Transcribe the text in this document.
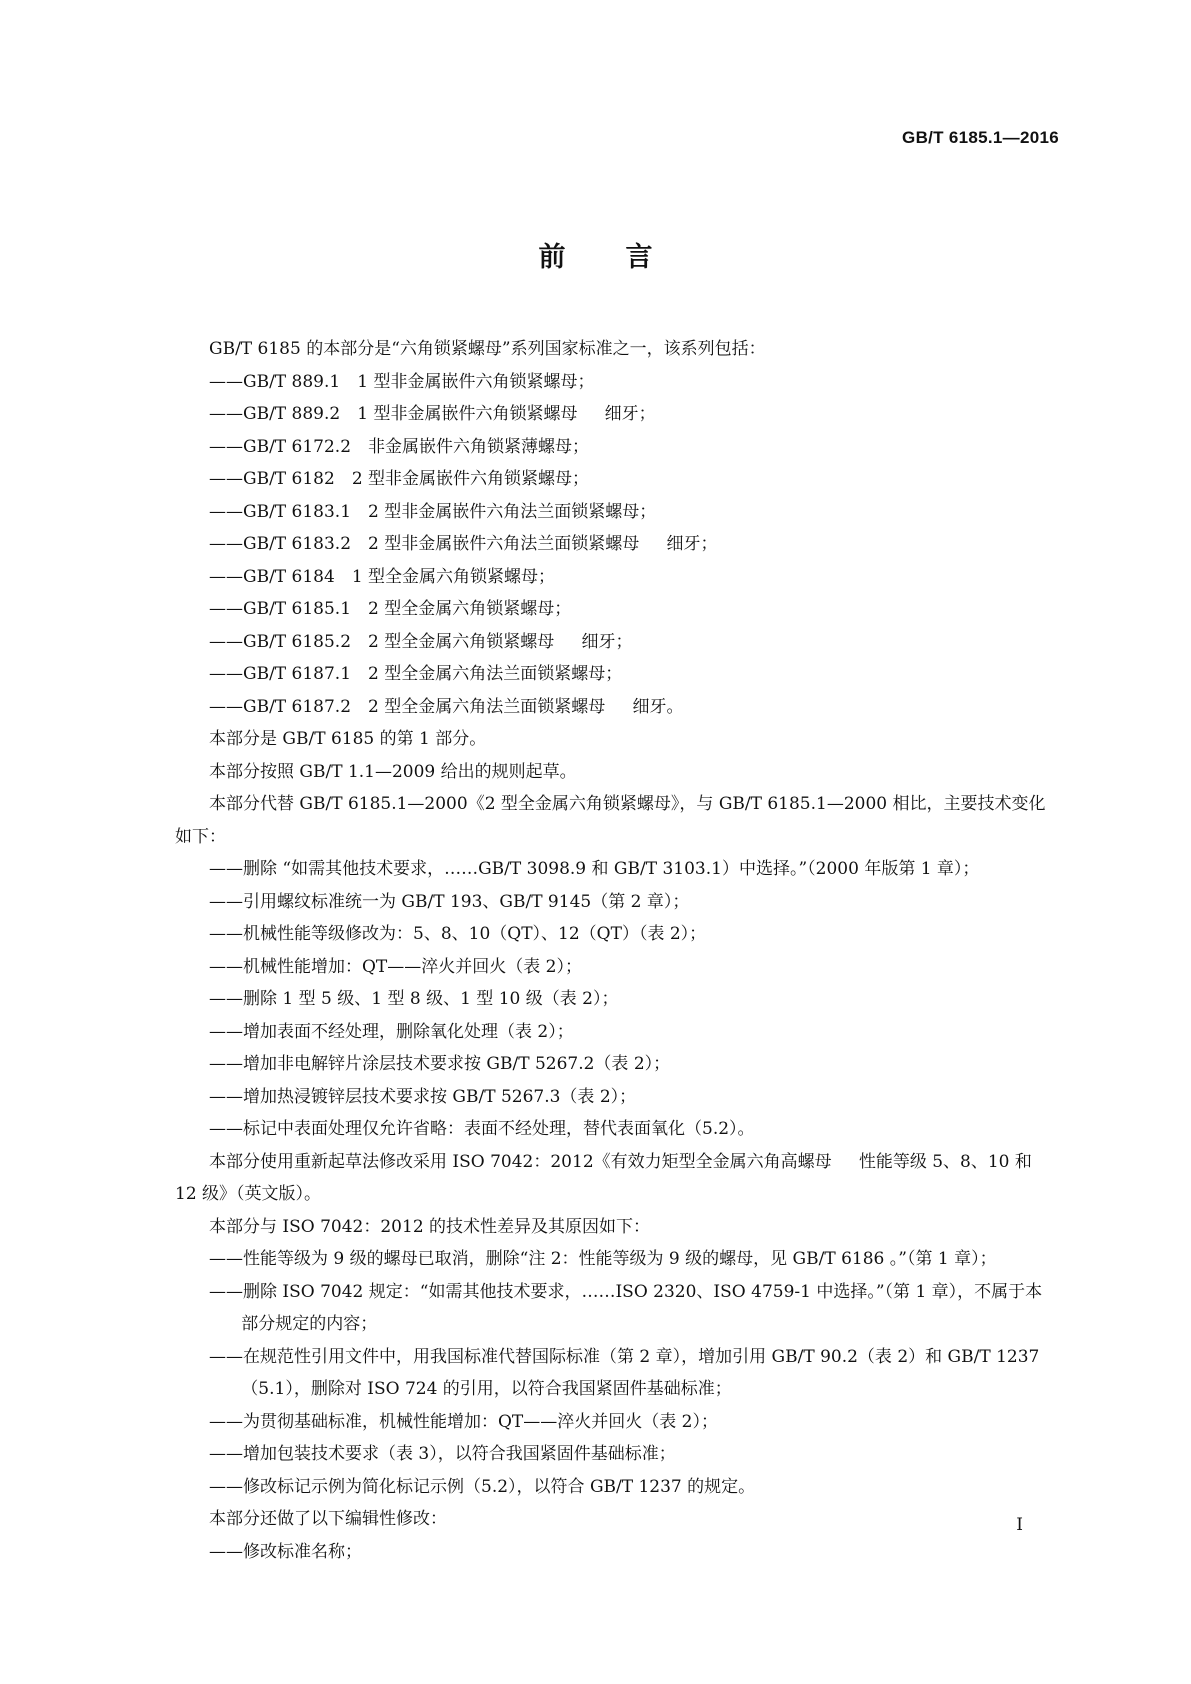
GB/T 6185.1—2016
前 言

GB/T 6185 的本部分是“六角锁紧螺母”系列国家标准之一，该系列包括：

——GB/T 889.1 1 型非金属嵌件六角锁紧螺母；
——GB/T 889.2 1 型非金属嵌件六角锁紧螺母 细牙；
——GB/T 6172.2 非金属嵌件六角锁紧薄螺母；
——GB/T 6182 2 型非金属嵌件六角锁紧螺母；
——GB/T 6183.1 2 型非金属嵌件六角法兰面锁紧螺母；
——GB/T 6183.2 2 型非金属嵌件六角法兰面锁紧螺母 细牙；
——GB/T 6184 1 型全金属六角锁紧螺母；
——GB/T 6185.1 2 型全金属六角锁紧螺母；
——GB/T 6185.2 2 型全金属六角锁紧螺母 细牙；
——GB/T 6187.1 2 型全金属六角法兰面锁紧螺母；
——GB/T 6187.2 2 型全金属六角法兰面锁紧螺母 细牙。

本部分是 GB/T 6185 的第 1 部分。

本部分按照 GB/T 1.1—2009 给出的规则起草。

本部分代替 GB/T 6185.1—2000《2 型全金属六角锁紧螺母》，与 GB/T 6185.1—2000 相比，主要技术变化如下：

——删除 “如需其他技术要求，……GB/T 3098.9 和 GB/T 3103.1）中选择。”（2000 年版第 1 章）；
——引用螺纹标准统一为 GB/T 193、GB/T 9145（第 2 章）；
——机械性能等级修改为：5、8、10（QT）、12（QT）（表 2）；
——机械性能增加：QT——淬火并回火（表 2）；
——删除 1 型 5 级、1 型 8 级、1 型 10 级（表 2）；
——增加表面不经处理，删除氧化处理（表 2）；
——增加非电解锌片涂层技术要求按 GB/T 5267.2（表 2）；
——增加热浸镀锌层技术要求按 GB/T 5267.3（表 2）；
——标记中表面处理仅允许省略：表面不经处理，替代表面氧化（5.2）。

本部分使用重新起草法修改采用 ISO 7042：2012《有效力矩型全金属六角高螺母 性能等级 5、8、10 和 12 级》（英文版）。

本部分与 ISO 7042：2012 的技术性差异及其原因如下：

——性能等级为 9 级的螺母已取消，删除“注 2：性能等级为 9 级的螺母，见 GB/T 6186 。”（第 1 章）；
——删除 ISO 7042 规定：“如需其他技术要求，……ISO 2320、ISO 4759-1 中选择。”（第 1 章），不属于本部分规定的内容；
——在规范性引用文件中，用我国标准代替国际标准（第 2 章），增加引用 GB/T 90.2（表 2）和 GB/T 1237（5.1），删除对 ISO 724 的引用，以符合我国紧固件基础标准；
——为贯彻基础标准，机械性能增加：QT——淬火并回火（表 2）；
——增加包装技术要求（表 3），以符合我国紧固件基础标准；
——修改标记示例为简化标记示例（5.2），以符合 GB/T 1237 的规定。

本部分还做了以下编辑性修改：

——修改标准名称；
I
